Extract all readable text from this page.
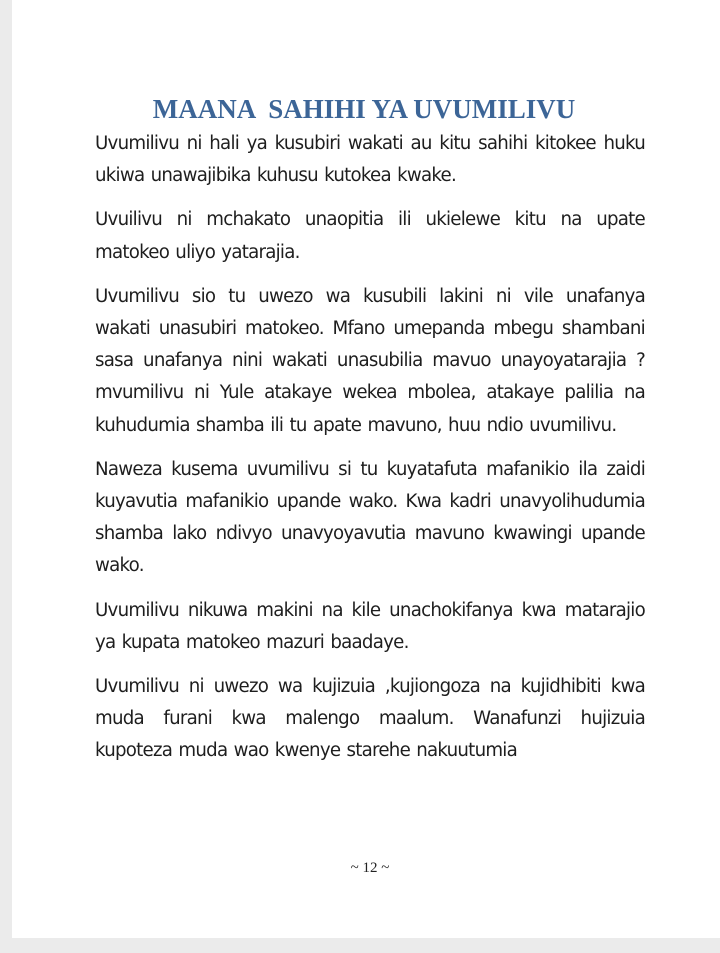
MAANA  SAHIHI YA UVUMILIVU

Uvumilivu ni hali ya kusubiri wakati au kitu sahihi kitokee huku ukiwa unawajibika kuhusu kutokea kwake.

Uvuilivu ni mchakato unaopitia ili ukielewe kitu na upate matokeo uliyo yatarajia.

Uvumilivu sio tu uwezo wa kusubili lakini ni vile unafanya wakati unasubiri matokeo. Mfano umepanda mbegu shambani sasa unafanya nini wakati unasubilia mavuo unayoyatarajia ? mvumilivu ni Yule atakaye wekea mbolea, atakaye palilia na kuhudumia shamba ili tu apate mavuno, huu ndio uvumilivu.

Naweza kusema uvumilivu si tu kuyatafuta mafanikio ila zaidi kuyavutia mafanikio upande wako. Kwa kadri unavyolihudumia shamba lako ndivyo unavyoyavutia mavuno kwawingi upande wako.

Uvumilivu nikuwa makini na kile unachokifanya kwa matarajio ya kupata matokeo mazuri baadaye.

Uvumilivu ni uwezo wa kujizuia ,kujiongoza na kujidhibiti kwa muda furani kwa malengo maalum. Wanafunzi hujizuia kupoteza muda wao kwenye starehe nakuutumia

~ 12 ~
